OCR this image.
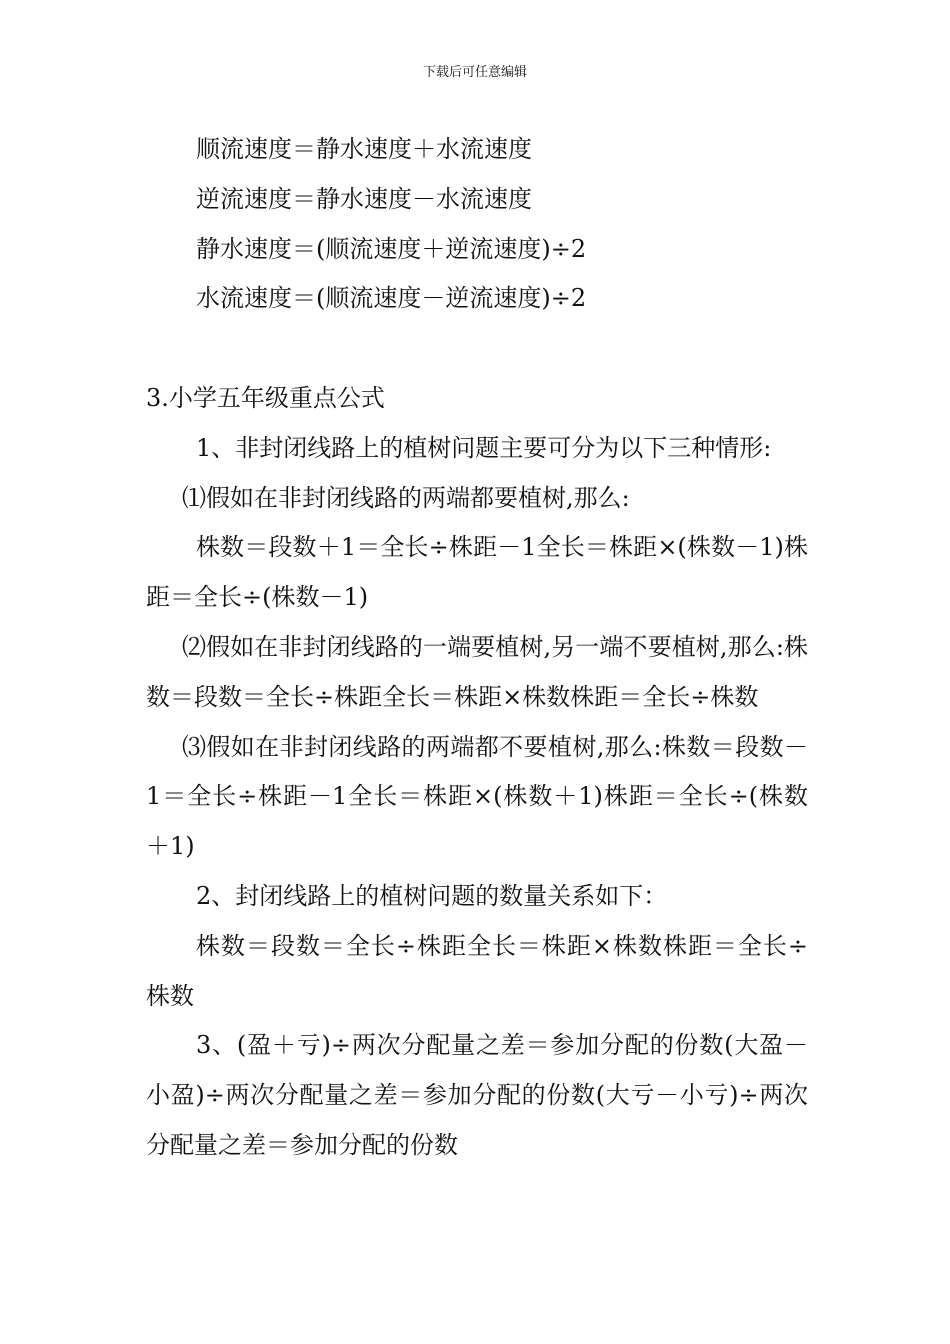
下载后可任意编辑

顺流速度＝静水速度＋水流速度

逆流速度＝静水速度－水流速度

静水速度＝(顺流速度＋逆流速度)÷2

水流速度＝(顺流速度－逆流速度)÷2

3.小学五年级重点公式

1、非封闭线路上的植树问题主要可分为以下三种情形:

⑴假如在非封闭线路的两端都要植树,那么:

株数＝段数＋1＝全长÷株距－1全长＝株距×(株数－1)株距＝全长÷(株数－1)

⑵假如在非封闭线路的一端要植树,另一端不要植树,那么:株数＝段数＝全长÷株距全长＝株距×株数株距＝全长÷株数

⑶假如在非封闭线路的两端都不要植树,那么:株数＝段数－1＝全长÷株距－1全长＝株距×(株数＋1)株距＝全长÷(株数＋1)

2、封闭线路上的植树问题的数量关系如下：

株数＝段数＝全长÷株距全长＝株距×株数株距＝全长÷株数

3、(盈＋亏)÷两次分配量之差＝参加分配的份数(大盈－小盈)÷两次分配量之差＝参加分配的份数(大亏－小亏)÷两次分配量之差＝参加分配的份数
